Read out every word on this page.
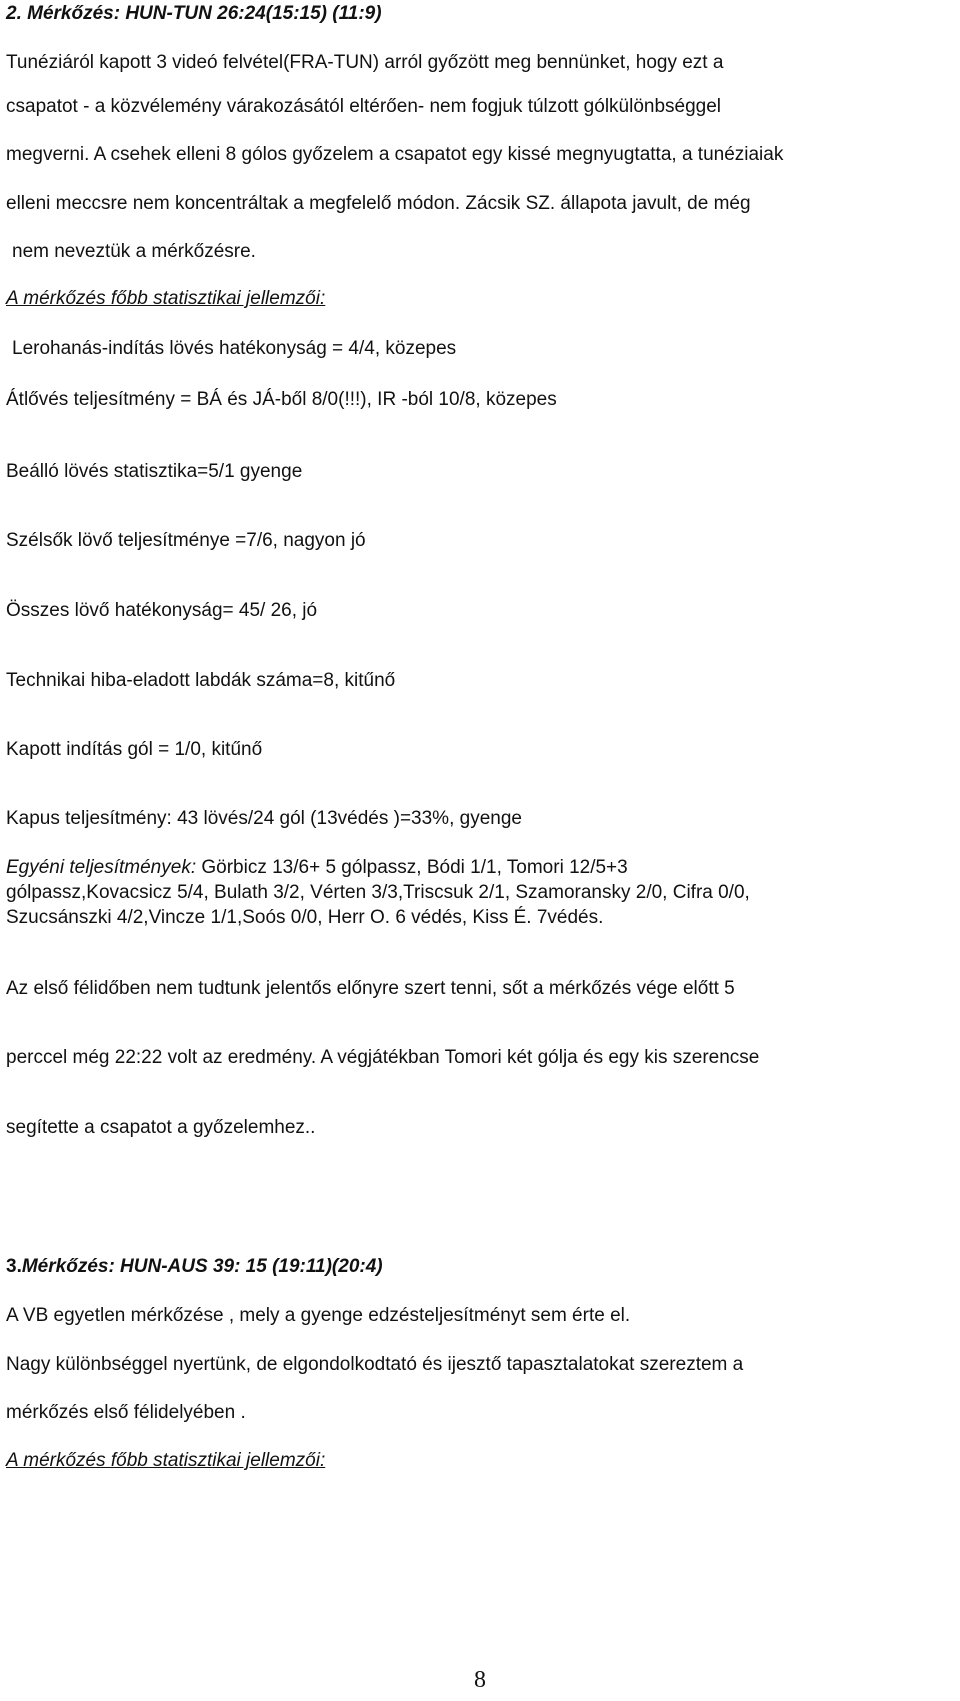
2. Mérkőzés: HUN-TUN 26:24(15:15) (11:9)
Tunéziáról kapott 3 videó felvétel(FRA-TUN) arról győzött meg bennünket, hogy ezt a
csapatot - a közvélemény várakozásától eltérően- nem fogjuk túlzott gólkülönbséggel
megverni. A csehek elleni 8 gólos győzelem a csapatot egy kissé megnyugtatta, a tunéziaiak
elleni meccsre nem koncentráltak a megfelelő módon. Zácsik SZ. állapota javult, de még
nem neveztük a mérkőzésre.
A mérkőzés főbb statisztikai jellemzői:
Lerohanás-indítás lövés hatékonyság = 4/4, közepes
Átlővés teljesítmény = BÁ és JÁ-ből 8/0(!!!), IR -ból 10/8, közepes
Beálló lövés statisztika=5/1 gyenge
Szélsők lövő teljesítménye =7/6, nagyon jó
Összes lövő hatékonyság= 45/ 26, jó
Technikai hiba-eladott labdák száma=8, kitűnő
Kapott indítás gól = 1/0, kitűnő
Kapus teljesítmény: 43 lövés/24 gól (13védés )=33%, gyenge
Egyéni teljesítmények: Görbicz 13/6+ 5 gólpassz, Bódi 1/1, Tomori 12/5+3
gólpassz,Kovacsicz 5/4, Bulath 3/2, Vérten 3/3,Triscsuk 2/1, Szamoransky 2/0, Cifra 0/0,
Szucsánszki 4/2,Vincze 1/1,Soós 0/0, Herr O. 6 védés, Kiss É. 7védés.
Az első félidőben nem tudtunk jelentős előnyre szert tenni, sőt a mérkőzés vége előtt 5
perccel még 22:22 volt az eredmény. A végjátékban Tomori két gólja és egy kis szerencse
segítette a csapatot a győzelemhez..
3.Mérkőzés: HUN-AUS 39: 15 (19:11)(20:4)
A VB egyetlen mérkőzése , mely a gyenge edzésteljesítményt sem érte el.
Nagy különbséggel nyertünk, de elgondolkodtató és ijesztő tapasztalatokat szereztem a
mérkőzés első félidelyében .
A mérkőzés főbb statisztikai jellemzői:
8
